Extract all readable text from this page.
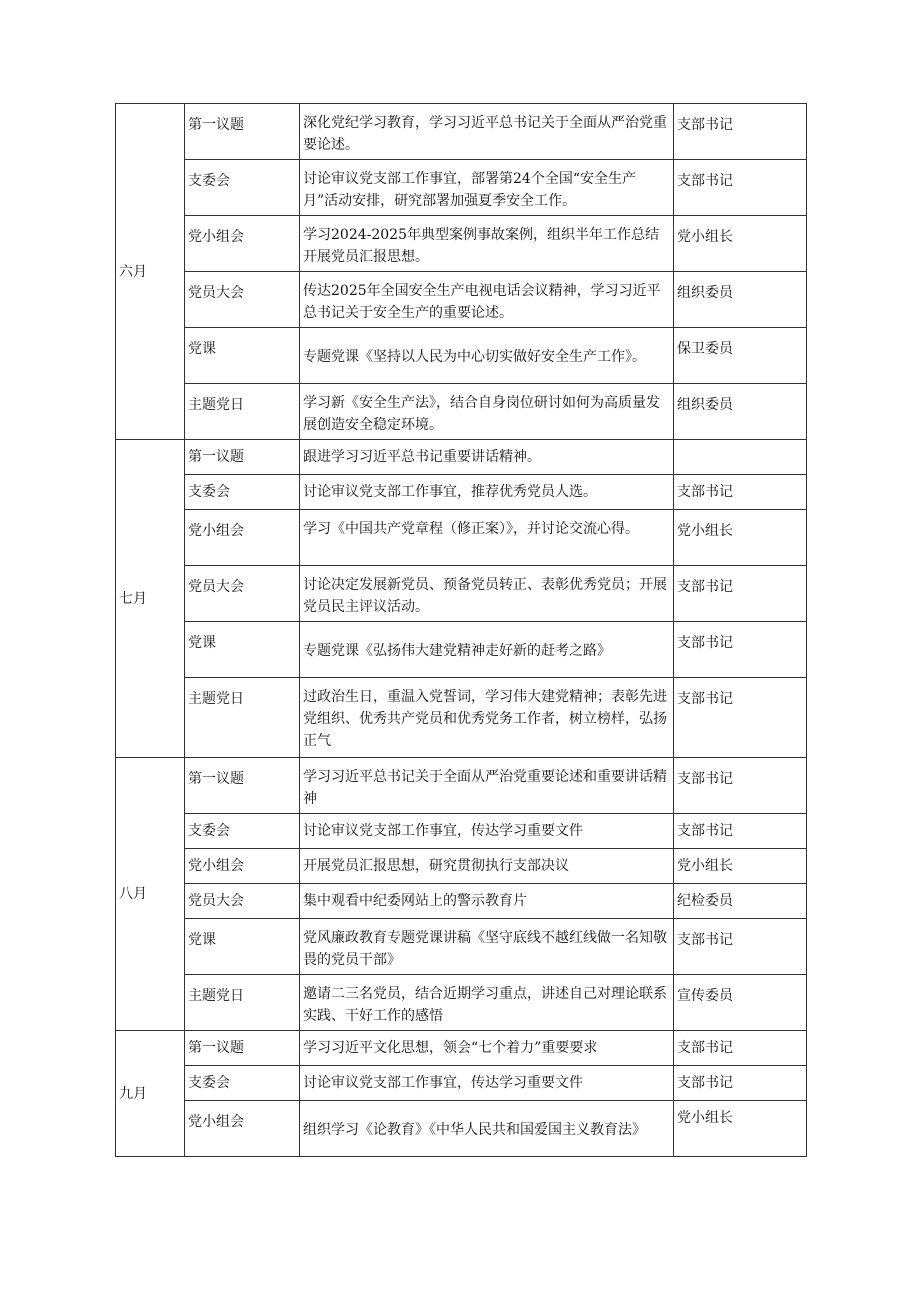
六月	第一议题	深化党纪学习教育，学习习近平总书记关于全面从严治党重要论述。	支部书记
	支委会	讨论审议党支部工作事宜，部署第24个全国“安全生产月”活动安排，研究部署加强夏季安全工作。	支部书记
	党小组会	学习2024-2025年典型案例事故案例，组织半年工作总结开展党员汇报思想。	党小组长
	党员大会	传达2025年全国安全生产电视电话会议精神，学习习近平总书记关于安全生产的重要论述。	组织委员
	党课	专题党课《坚持以人民为中心切实做好安全生产工作》。	保卫委员
	主题党日	学习新《安全生产法》，结合自身岗位研讨如何为高质量发展创造安全稳定环境。	组织委员
七月	第一议题	跟进学习习近平总书记重要讲话精神。	
	支委会	讨论审议党支部工作事宜，推荐优秀党员人选。	支部书记
	党小组会	学习《中国共产党章程（修正案）》，并讨论交流心得。	党小组长
	党员大会	讨论决定发展新党员、预备党员转正、表彰优秀党员；开展党员民主评议活动。	支部书记
	党课	专题党课《弘扬伟大建党精神走好新的赶考之路》	支部书记
	主题党日	过政治生日，重温入党誓词，学习伟大建党精神；表彰先进党组织、优秀共产党员和优秀党务工作者，树立榜样，弘扬正气	支部书记
八月	第一议题	学习习近平总书记关于全面从严治党重要论述和重要讲话精神	支部书记
	支委会	讨论审议党支部工作事宜，传达学习重要文件	支部书记
	党小组会	开展党员汇报思想，研究贯彻执行支部决议	党小组长
	党员大会	集中观看中纪委网站上的警示教育片	纪检委员
	党课	党风廉政教育专题党课讲稿《坚守底线不越红线做一名知敬畏的党员干部》	支部书记
	主题党日	邀请二三名党员，结合近期学习重点，讲述自己对理论联系实践、干好工作的感悟	宣传委员
九月	第一议题	学习习近平文化思想，领会“七个着力”重要要求	支部书记
	支委会	讨论审议党支部工作事宜，传达学习重要文件	支部书记
	党小组会	组织学习《论教育》《中华人民共和国爱国主义教育法》	党小组长
